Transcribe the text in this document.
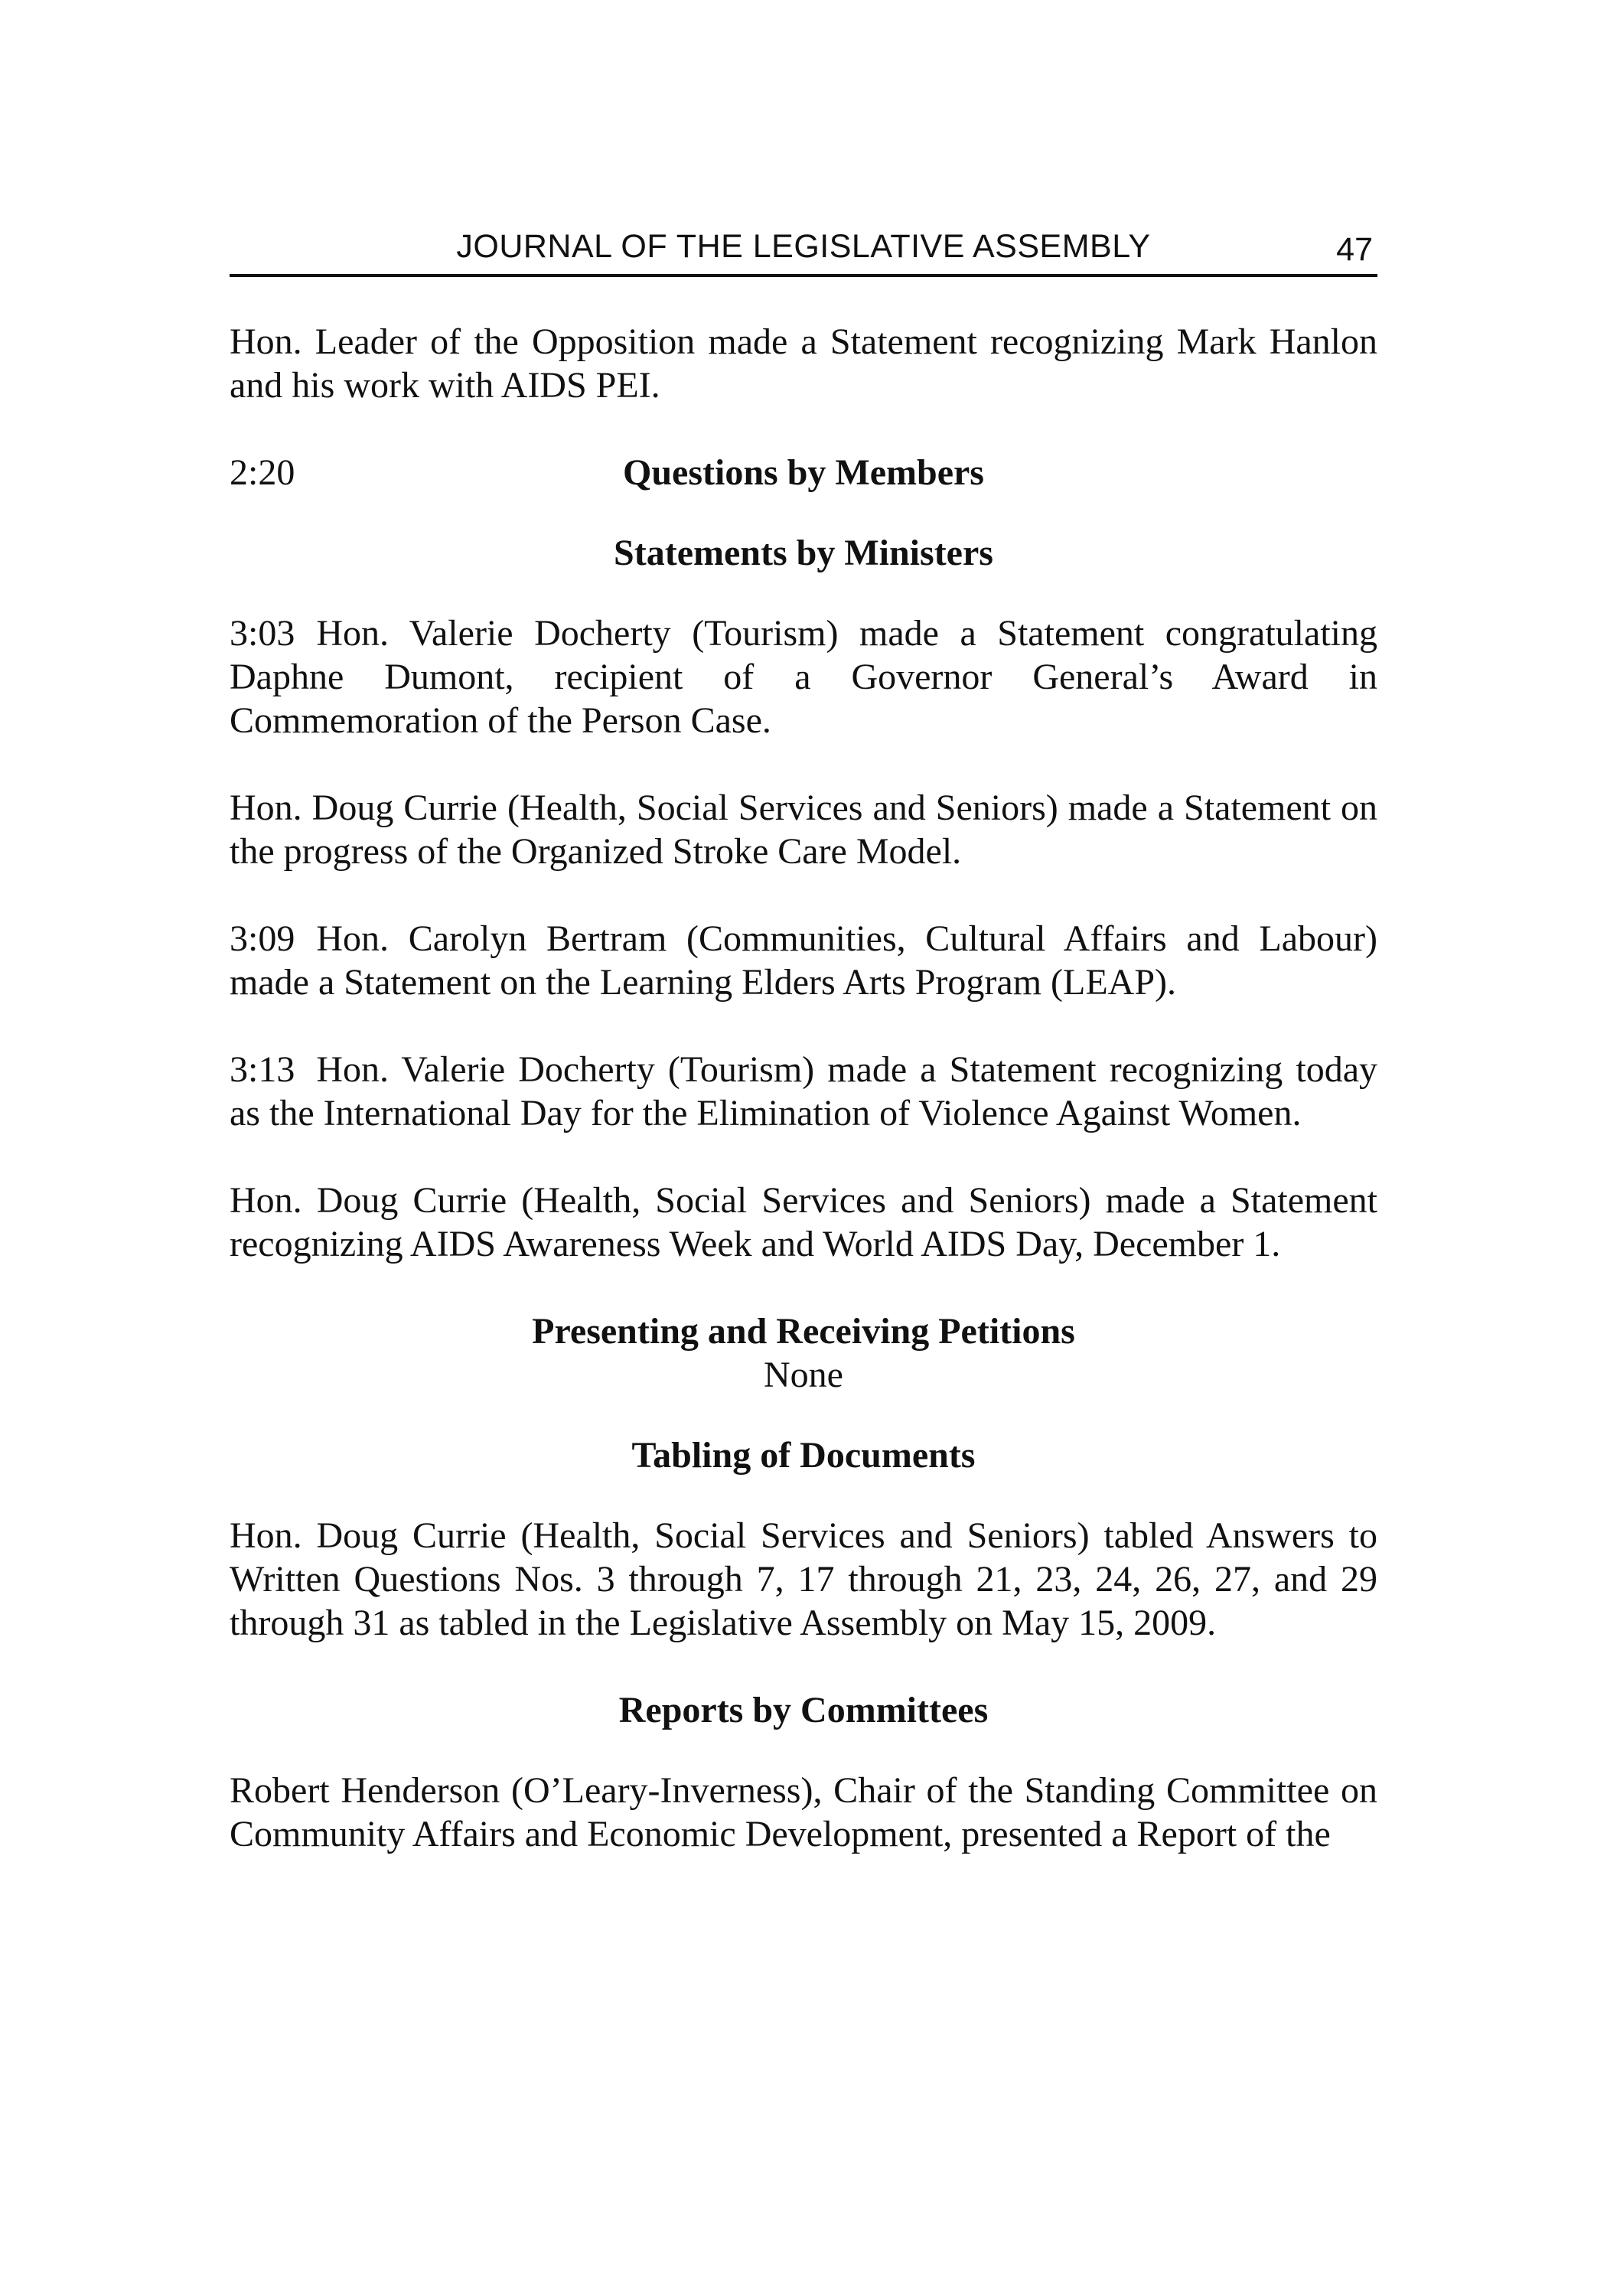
JOURNAL OF THE LEGISLATIVE ASSEMBLY	47

Hon. Leader of the Opposition made a Statement recognizing Mark Hanlon and his work with AIDS PEI.

2:20	Questions by Members
Statements by Ministers

3:03 Hon. Valerie Docherty (Tourism) made a Statement congratulating Daphne Dumont, recipient of a Governor General’s Award in Commemoration of the Person Case.

Hon. Doug Currie (Health, Social Services and Seniors) made a Statement on the progress of the Organized Stroke Care Model.

3:09 Hon. Carolyn Bertram (Communities, Cultural Affairs and Labour) made a Statement on the Learning Elders Arts Program (LEAP).

3:13 Hon. Valerie Docherty (Tourism) made a Statement recognizing today as the International Day for the Elimination of Violence Against Women.

Hon. Doug Currie (Health, Social Services and Seniors) made a Statement recognizing AIDS Awareness Week and World AIDS Day, December 1.

Presenting and Receiving Petitions
None
Tabling of Documents

Hon. Doug Currie (Health, Social Services and Seniors) tabled Answers to Written Questions Nos. 3 through 7, 17 through 21, 23, 24, 26, 27, and 29 through 31 as tabled in the Legislative Assembly on May 15, 2009.

Reports by Committees

Robert Henderson (O’Leary-Inverness), Chair of the Standing Committee on Community Affairs and Economic Development, presented a Report of the
